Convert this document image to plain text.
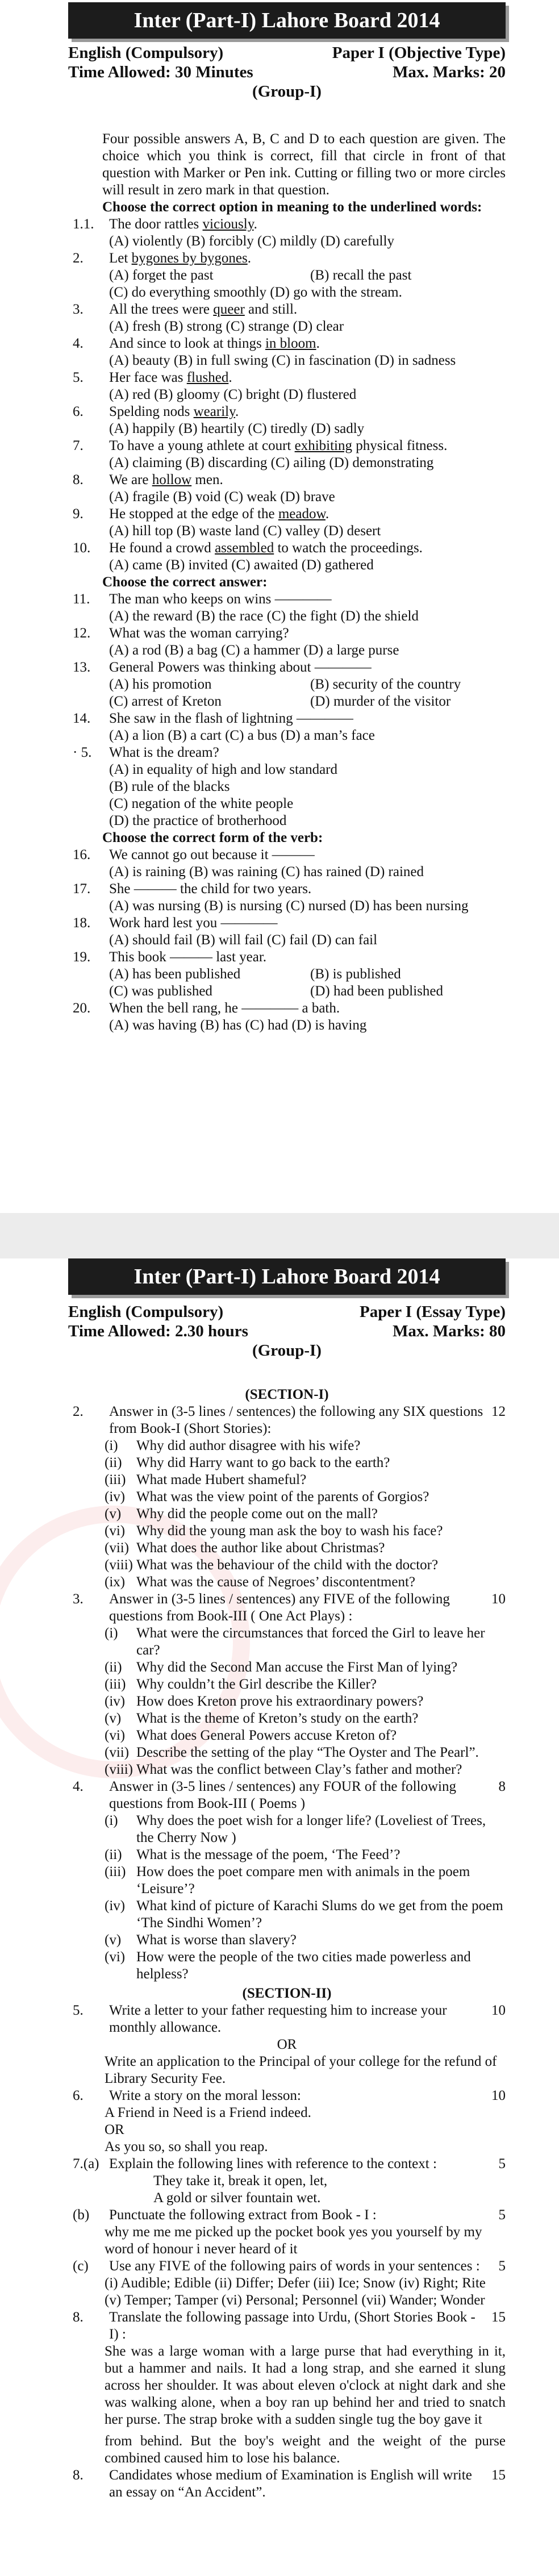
Inter (Part-I) Lahore Board 2014
English (Compulsory)	Paper I (Objective Type)
Time Allowed: 30 Minutes	Max. Marks: 20
(Group-I)
Four possible answers A, B, C and D to each question are given. The choice which you think is correct, fill that circle in front of that question with Marker or Pen ink. Cutting or filling two or more circles will result in zero mark in that question.
Choose the correct option in meaning to the underlined words:
1.1.	The door rattles viciously.
(A) violently (B) forcibly (C) mildly (D) carefully
2.	Let bygones by bygones.
(A) forget the past	(B) recall the past
(C) do everything smoothly (D) go with the stream.
3.	All the trees were queer and still.
(A) fresh (B) strong (C) strange (D) clear
4.	And since to look at things in bloom.
(A) beauty (B) in full swing (C) in fascination (D) in sadness
5.	Her face was flushed.
(A) red (B) gloomy (C) bright (D) flustered
6.	Spelding nods wearily.
(A) happily (B) heartily (C) tiredly (D) sadly
7.	To have a young athlete at court exhibiting physical fitness.
(A) claiming (B) discarding (C) ailing (D) demonstrating
8.	We are hollow men.
(A) fragile (B) void (C) weak (D) brave
9.	He stopped at the edge of the meadow.
(A) hill top (B) waste land (C) valley (D) desert
10.	He found a crowd assembled to watch the proceedings.
(A) came (B) invited (C) awaited (D) gathered
Choose the correct answer:
11.	The man who keeps on wins ————
(A) the reward (B) the race (C) the fight (D) the shield
12.	What was the woman carrying?
(A) a rod (B) a bag (C) a hammer (D) a large purse
13.	General Powers was thinking about ————
(A) his promotion	(B) security of the country
(C) arrest of Kreton	(D) murder of the visitor
14.	She saw in the flash of lightning ————
(A) a lion (B) a cart (C) a bus (D) a man’s face
· 5.	What is the dream?
(A) in equality of high and low standard
(B) rule of the blacks
(C) negation of the white people
(D) the practice of brotherhood
Choose the correct form of the verb:
16.	We cannot go out because it ———
(A) is raining (B) was raining (C) has rained (D) rained
17.	She ——— the child for two years.
(A) was nursing (B) is nursing (C) nursed (D) has been nursing
18.	Work hard lest you ————
(A) should fail (B) will fail (C) fail (D) can fail
19.	This book ——— last year.
(A) has been published	(B) is published
(C) was published	(D) had been published
20.	When the bell rang, he ———— a bath.
(A) was having (B) has (C) had (D) is having
Inter (Part-I) Lahore Board 2014
English (Compulsory)	Paper I (Essay Type)
Time Allowed: 2.30 hours	Max. Marks: 80
(Group-I)
(SECTION-I)
2.	12
Answer in (3-5 lines / sentences) the following any SIX questions from Book-I (Short Stories):
(i)	Why did author disagree with his wife?
(ii)	Why did Harry want to go back to the earth?
(iii) What made Hubert shameful?
(iv) What was the view point of the parents of Gorgios?
(v)	Why did the people come out on the mall?
(vi) Why did the young man ask the boy to wash his face?
(vii) What does the author like about Christmas?
(viii) What was the behaviour of the child with the doctor?
(ix) What was the cause of Negroes’ discontentment?
3.	10
Answer in (3-5 lines / sentences) any FIVE of the following questions from Book-III ( One Act Plays) :
(i)	What were the circumstances that forced the Girl to leave her car?
(ii)	Why did the Second Man accuse the First Man of lying?
(iii) Why couldn’t the Girl describe the Killer?
(iv) How does Kreton prove his extraordinary powers?
(v)	What is the theme of Kreton’s study on the earth?
(vi) What does General Powers accuse Kreton of?
(vii) Describe the setting of the play “The Oyster and The Pearl”.
(viii) What was the conflict between Clay’s father and mother?
4.	8
Answer in (3-5 lines / sentences) any FOUR of the following questions from Book-III ( Poems )
(i)	Why does the poet wish for a longer life? (Loveliest of Trees, the Cherry Now )
(ii)	What is the message of the poem, ‘The Feed’?
(iii) How does the poet compare men with animals in the poem ‘Leisure’?
(iv) What kind of picture of Karachi Slums do we get from the poem ‘The Sindhi Women’?
(v)	What is worse than slavery?
(vi) How were the people of the two cities made powerless and helpless?
(SECTION-II)
5.	10
Write a letter to your father requesting him to increase your monthly allowance.
OR
Write an application to the Principal of your college for the refund of Library Security Fee.
6.	10
Write a story on the moral lesson:
A Friend in Need is a Friend indeed.
OR
As you so, so shall you reap.
7.(a)	5
Explain the following lines with reference to the context :
They take it, break it open, let,
A gold or silver fountain wet.
(b)	5
Punctuate the following extract from Book - I :
why me me me picked up the pocket book yes you yourself by my word of honour i never heard of it
(c)	5
Use any FIVE of the following pairs of words in your sentences :
(i) Audible; Edible (ii) Differ; Defer (iii) Ice; Snow (iv) Right; Rite
(v) Temper; Tamper (vi) Personal; Personnel (vii) Wander; Wonder
8.	15
Translate the following passage into Urdu, (Short Stories Book - I) :
She was a large woman with a large purse that had everything in it, but a hammer and nails. It had a long strap, and she earned it slung across her shoulder. It was about eleven o'clock at night dark and she was walking alone, when a boy ran up behind her and tried to snatch her purse. The strap broke with a sudden single tug the boy gave it
from behind. But the boy's weight and the weight of the purse combined caused him to lose his balance.
8.	15
Candidates whose medium of Examination is English will write an essay on “An Accident”.
